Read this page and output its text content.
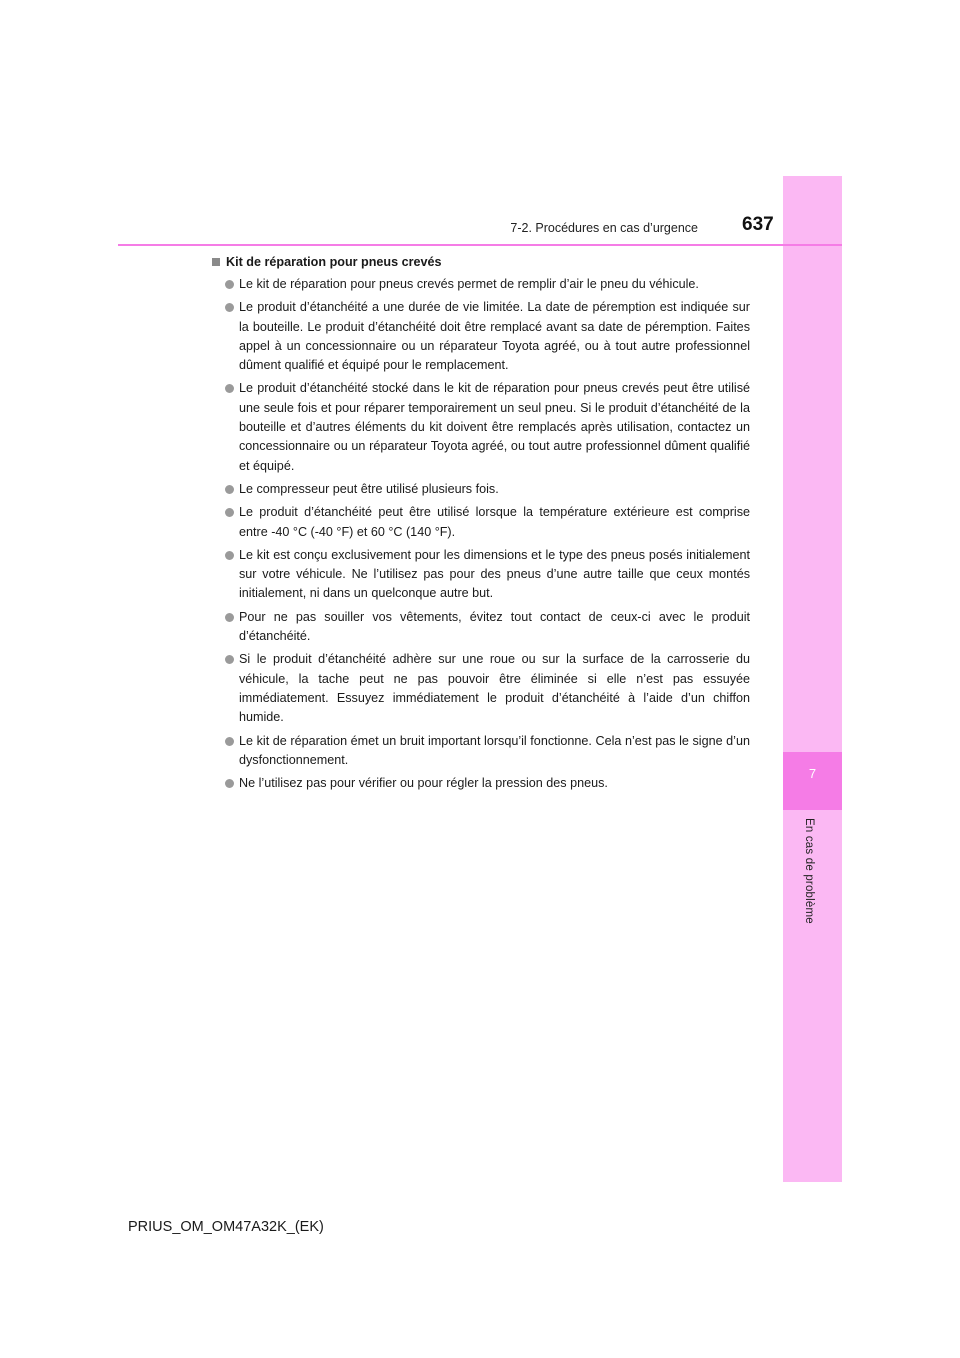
7
En cas de problème
7-2. Procédures en cas d’urgence 637
Kit de réparation pour pneus crevés
Le kit de réparation pour pneus crevés permet de remplir d’air le pneu du véhicule.
Le produit d’étanchéité a une durée de vie limitée. La date de péremption est indiquée sur la bouteille. Le produit d’étanchéité doit être remplacé avant sa date de péremption. Faites appel à un concessionnaire ou un réparateur Toyota agréé, ou à tout autre professionnel dûment qualifié et équipé pour le remplacement.
Le produit d’étanchéité stocké dans le kit de réparation pour pneus crevés peut être utilisé une seule fois et pour réparer temporairement un seul pneu. Si le produit d’étanchéité de la bouteille et d’autres éléments du kit doivent être remplacés après utilisation, contactez un concessionnaire ou un réparateur Toyota agréé, ou tout autre professionnel dûment qualifié et équipé.
Le compresseur peut être utilisé plusieurs fois.
Le produit d’étanchéité peut être utilisé lorsque la température extérieure est comprise entre -40 °C (-40 °F) et 60 °C (140 °F).
Le kit est conçu exclusivement pour les dimensions et le type des pneus posés initialement sur votre véhicule. Ne l’utilisez pas pour des pneus d’une autre taille que ceux montés initialement, ni dans un quelconque autre but.
Pour ne pas souiller vos vêtements, évitez tout contact de ceux-ci avec le produit d’étanchéité.
Si le produit d’étanchéité adhère sur une roue ou sur la surface de la carrosserie du véhicule, la tache peut ne pas pouvoir être éliminée si elle n’est pas essuyée immédiatement. Essuyez immédiatement le produit d’étanchéité à l’aide d’un chiffon humide.
Le kit de réparation émet un bruit important lorsqu’il fonctionne. Cela n’est pas le signe d’un dysfonctionnement.
Ne l’utilisez pas pour vérifier ou pour régler la pression des pneus.
PRIUS_OM_OM47A32K_(EK)
